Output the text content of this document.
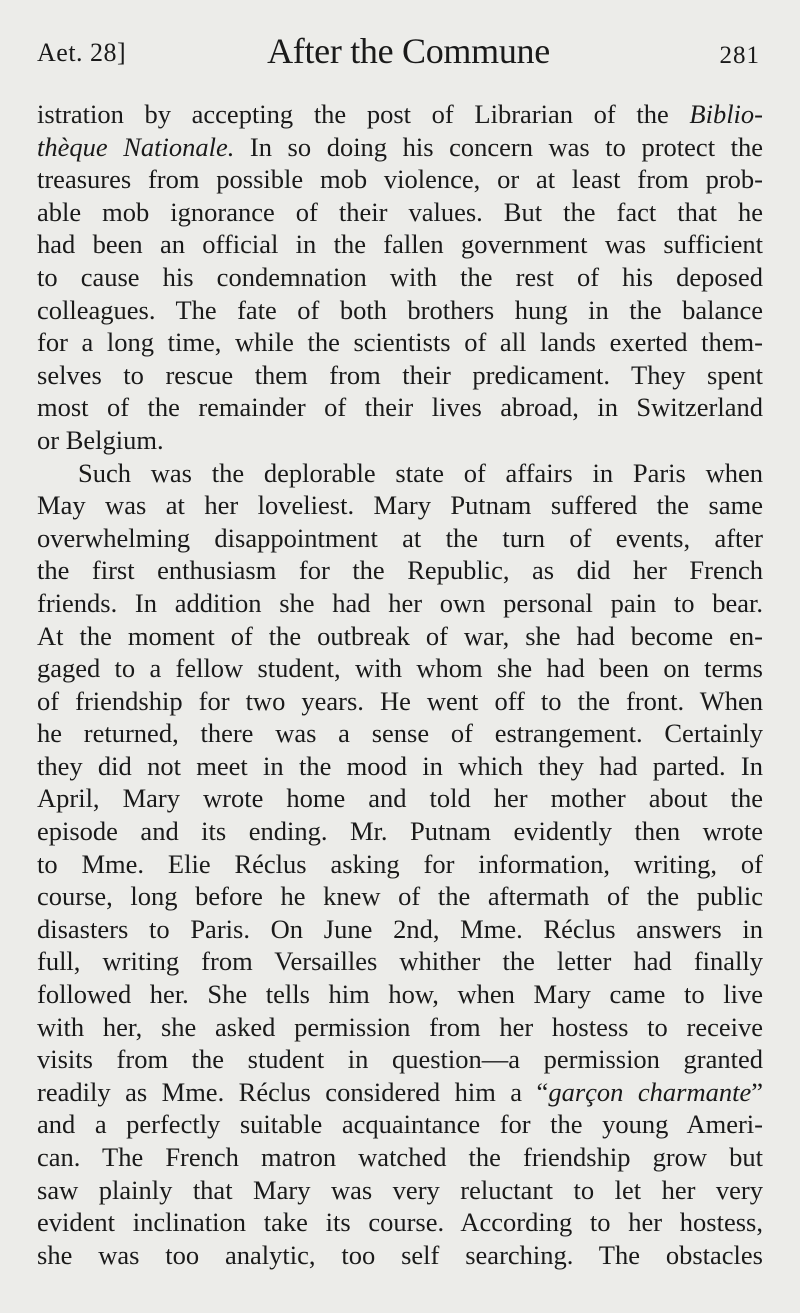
Aet. 28]	After the Commune	281
istration by accepting the post of Librarian of the Biblio-
thèque Nationale. In so doing his concern was to protect the
treasures from possible mob violence, or at least from prob-
able mob ignorance of their values. But the fact that he
had been an official in the fallen government was sufficient
to cause his condemnation with the rest of his deposed
colleagues. The fate of both brothers hung in the balance
for a long time, while the scientists of all lands exerted them-
selves to rescue them from their predicament. They spent
most of the remainder of their lives abroad, in Switzerland
or Belgium.
Such was the deplorable state of affairs in Paris when
May was at her loveliest. Mary Putnam suffered the same
overwhelming disappointment at the turn of events, after
the first enthusiasm for the Republic, as did her French
friends. In addition she had her own personal pain to bear.
At the moment of the outbreak of war, she had become en-
gaged to a fellow student, with whom she had been on terms
of friendship for two years. He went off to the front. When
he returned, there was a sense of estrangement. Certainly
they did not meet in the mood in which they had parted. In
April, Mary wrote home and told her mother about the
episode and its ending. Mr. Putnam evidently then wrote
to Mme. Elie Réclus asking for information, writing, of
course, long before he knew of the aftermath of the public
disasters to Paris. On June 2nd, Mme. Réclus answers in
full, writing from Versailles whither the letter had finally
followed her. She tells him how, when Mary came to live
with her, she asked permission from her hostess to receive
visits from the student in question—a permission granted
readily as Mme. Réclus considered him a “garçon charmante”
and a perfectly suitable acquaintance for the young Ameri-
can. The French matron watched the friendship grow but
saw plainly that Mary was very reluctant to let her very
evident inclination take its course. According to her hostess,
she was too analytic, too self searching. The obstacles
